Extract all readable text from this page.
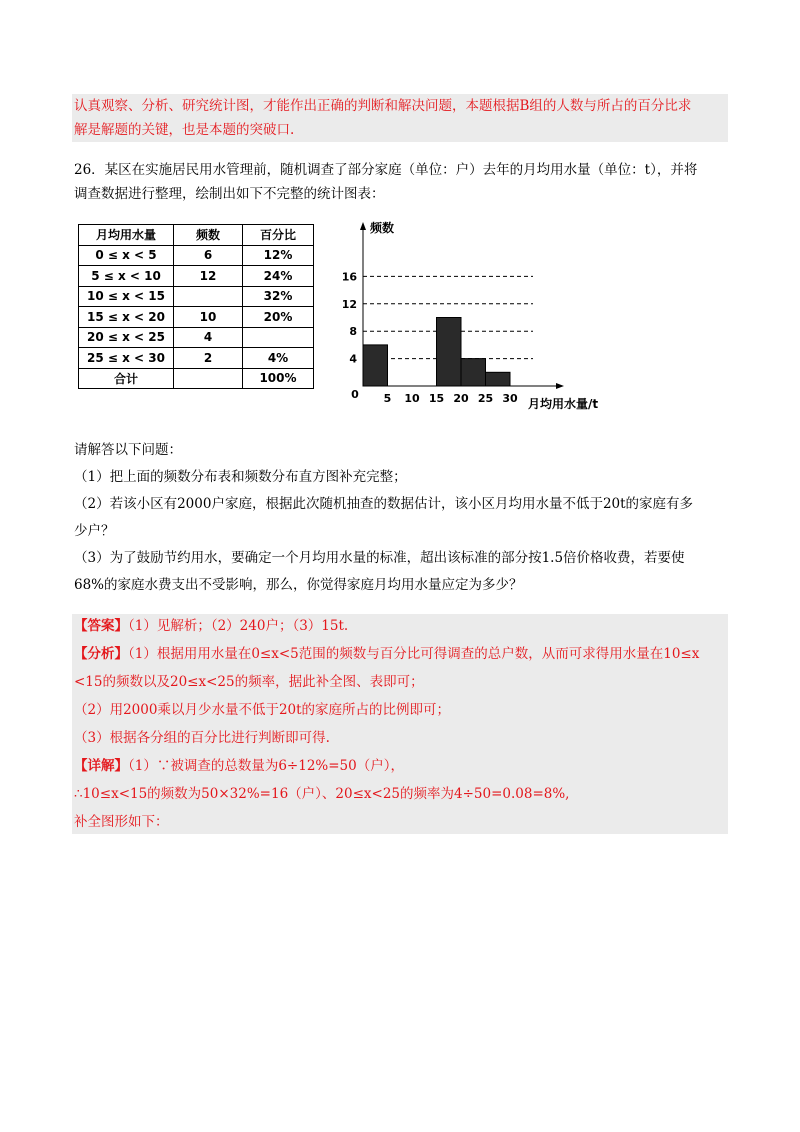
认真观察、分析、研究统计图，才能作出正确的判断和解决问题，本题根据B组的人数与所占的百分比求
解是解题的关键，也是本题的突破口.
26．某区在实施居民用水管理前，随机调查了部分家庭（单位：户）去年的月均用水量（单位：t），并将
调查数据进行整理，绘制出如下不完整的统计图表：
月均用水量	频数	百分比
0 ≤ x < 5	6	12%
5 ≤ x < 10	12	24%
10 ≤ x < 15		32%
15 ≤ x < 20	10	20%
20 ≤ x < 25	4	
25 ≤ x < 30	2	4%
合计		100%
频数
月均用水量/t
4
8
12
16
0 5 10 15 20 25 30
请解答以下问题：
（1）把上面的频数分布表和频数分布直方图补充完整；
（2）若该小区有2000户家庭，根据此次随机抽查的数据估计，该小区月均用水量不低于20t的家庭有多
少户？
（3）为了鼓励节约用水，要确定一个月均用水量的标准，超出该标准的部分按1.5倍价格收费，若要使
68%的家庭水费支出不受影响，那么，你觉得家庭月均用水量应定为多少？
【答案】（1）见解析；（2）240户；（3）15t.
【分析】（1）根据用用水量在0≤x<5范围的频数与百分比可得调查的总户数，从而可求得用水量在10≤x
<15的频数以及20≤x<25的频率，据此补全图、表即可；
（2）用2000乘以月少水量不低于20t的家庭所占的比例即可；
（3）根据各分组的百分比进行判断即可得.
【详解】（1）∵被调查的总数量为6÷12%=50（户），
∴10≤x<15的频数为50×32%=16（户）、20≤x<25的频率为4÷50=0.08=8%,
补全图形如下：
